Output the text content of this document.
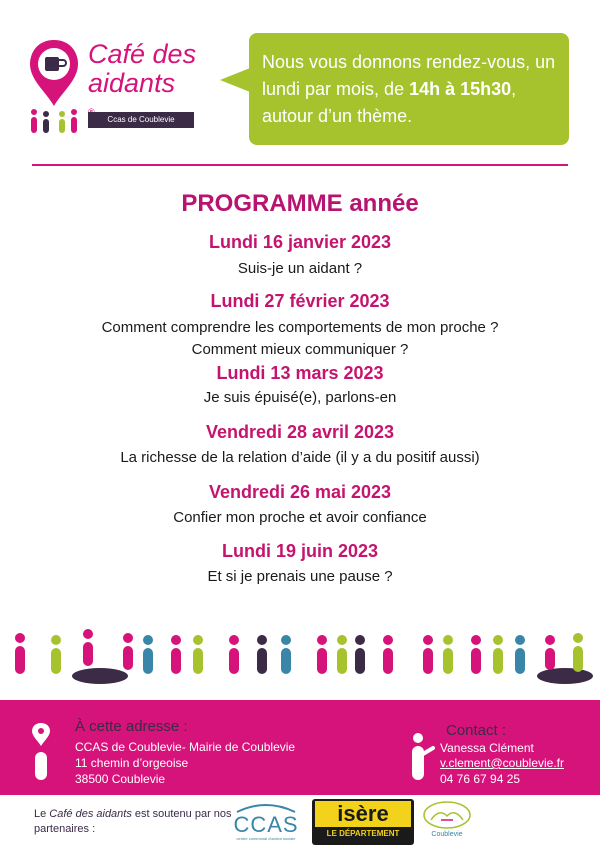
Café des
aidants
Ccas de Coublevie
Nous vous donnons rendez-vous, un lundi par mois, de 14h à 15h30, autour d’un thème.
PROGRAMME année
Lundi 16 janvier 2023
Suis-je un aidant ?
Lundi 27 février 2023
Comment comprendre les comportements de mon proche ?
Comment mieux communiquer ?
Lundi 13 mars 2023
Je suis épuisé(e), parlons-en
Vendredi 28 avril 2023
La richesse de la relation d’aide (il y a du positif aussi)
Vendredi 26 mai 2023
Confier mon proche et avoir confiance
Lundi 19 juin 2023
Et si je prenais une pause ?
À cette adresse :
CCAS de Coublevie- Mairie de Coublevie
11 chemin d’orgeoise
38500 Coublevie
Contact :
Vanessa Clément
v.clement@coublevie.fr
04 76 67 94 25
Le Café des aidants est soutenu par nos partenaires :	CCAS
centre communal d'action sociale
isère
LE DÉPARTEMENT	Coublevie
